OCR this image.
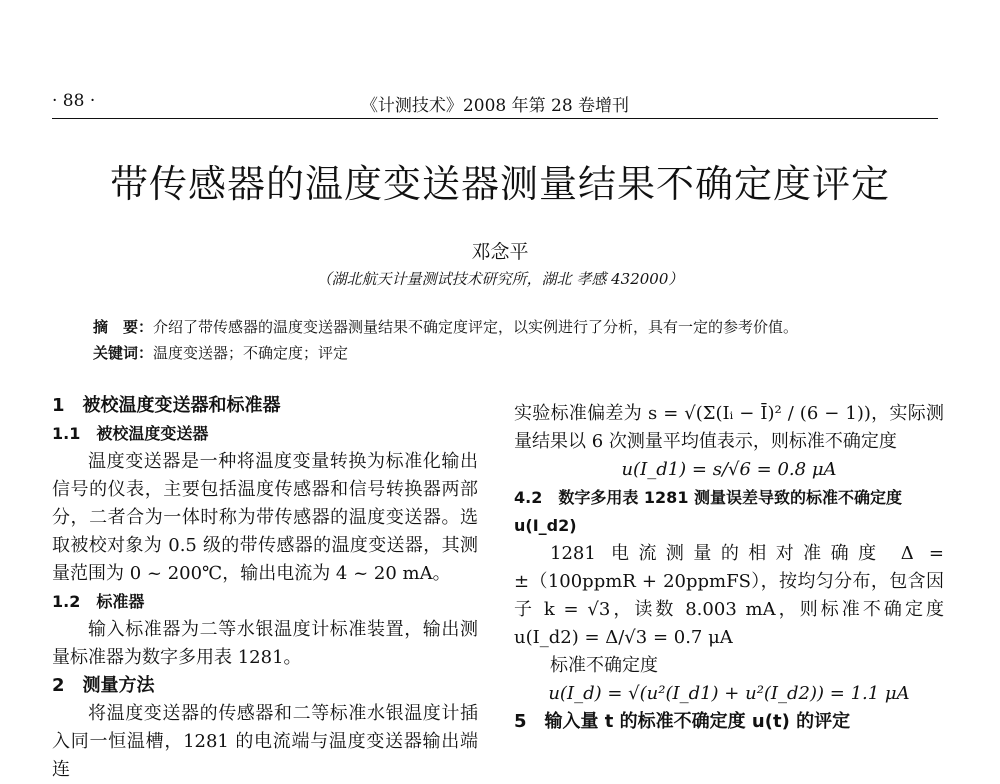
· 88 ·	《计测技术》2008 年第 28 卷增刊
带传感器的温度变送器测量结果不确定度评定
邓念平
（湖北航天计量测试技术研究所，湖北 孝感 432000）
摘　要：介绍了带传感器的温度变送器测量结果不确定度评定，以实例进行了分析，具有一定的参考价值。
关键词：温度变送器；不确定度；评定

1　被校温度变送器和标准器

1.1　被校温度变送器

温度变送器是一种将温度变量转换为标准化输出信号的仪表，主要包括温度传感器和信号转换器两部分，二者合为一体时称为带传感器的温度变送器。选取被校对象为 0.5 级的带传感器的温度变送器，其测量范围为 0 ~ 200℃，输出电流为 4 ~ 20 mA。

1.2　标准器

输入标准器为二等水银温度计标准装置，输出测量标准器为数字多用表 1281。

2　测量方法

将温度变送器的传感器和二等标准水银温度计插入同一恒温槽，1281 的电流端与温度变送器输出端连

实验标准偏差为 s = √(Σ(Iᵢ − Ī)² / (6 − 1))，实际测量结果以 6 次测量平均值表示，则标准不确定度

u(I_d1) = s/√6 = 0.8 μA

4.2　数字多用表 1281 测量误差导致的标准不确定度 u(I_d2)

1281 电流测量的相对准确度 Δ = ±（100ppmR + 20ppmFS），按均匀分布，包含因子 k = √3，读数 8.003 mA，则标准不确定度 u(I_d2) = Δ/√3 = 0.7 μA

标准不确定度

u(I_d) = √(u²(I_d1) + u²(I_d2)) = 1.1 μA

5　输入量 t 的标准不确定度 u(t) 的评定
